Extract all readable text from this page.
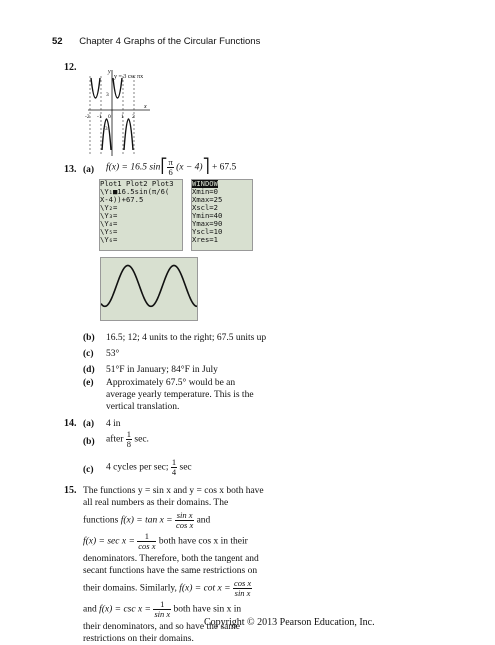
52 Chapter 4 Graphs of the Circular Functions
12.	y
x
y = 3 csc πx
3
-3
-2 -1 0 1 2
13. (a) f(x) = 16.5 sin⎡ $\frac{\pi}{6} (x$ − 4)⎤ + 67.5
Plot1 Plot2 Plot3
\Y₁■16.5sin(π/6(
X-4))+67.5
\Y₂=
\Y₃=
\Y₄=
\Y₅=
\Y₆=
WINDOW
Xmin=0
Xmax=25
Xscl=2
Ymin=40
Ymax=90
Yscl=10
Xres=1
(b) 16.5; 12; 4 units to the right; 67.5 units up
(c) 53°
(d) 51°F in January; 84°F in July
(e) Approximately 67.5° would be an
average yearly temperature. This is the
vertical translation.
14. (a) 4 in
(b) after $\frac{1}{8} \sec$.
(c) 4 cycles per sec; $\frac{1}{4}$ sec
15. The functions y = sin x and y = cos x both have
all real numbers as their domains. The
functions $f(x) = \tan x = \frac{\text{sin x}}{\text{cos x}}$ and
$f(x) = \sec x = \frac{1}{\text{cos x}}$ both have cos x in their
denominators. Therefore, both the tangent and
secant functions have the same restrictions on
their domains. Similarly, $f(x) = \cot x = \frac{\text{cos x}}{\text{sin x}}$
and $f(x) = \csc x = \frac{1}{\text{sin x}}$ both have sin x in
their denominators, and so have the same
restrictions on their domains.
Copyright © 2013 Pearson Education, Inc.
